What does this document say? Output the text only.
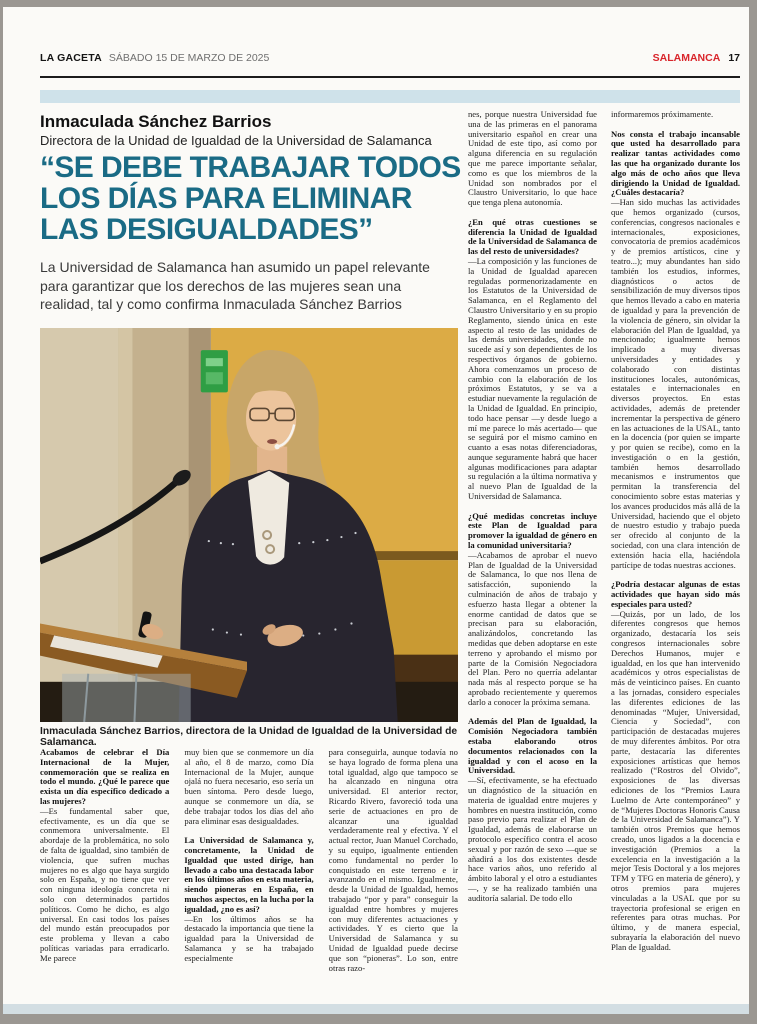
LA GACETA SÁBADO 15 DE MARZO DE 2025	SALAMANCA 17
Inmaculada Sánchez Barrios
Directora de la Unidad de Igualdad de la Universidad de Salamanca
“SE DEBE TRABAJAR TODOS LOS DÍAS PARA ELIMINAR LAS DESIGUALDADES”
La Universidad de Salamanca han asumido un papel relevante para garantizar que los derechos de las mujeres sean una realidad, tal y como confirma Inmaculada Sánchez Barrios
Inmaculada Sánchez Barrios, directora de la Unidad de Igualdad de la Universidad de Salamanca.

Acabamos de celebrar el Día Internacional de la Mujer, conmemoración que se realiza en todo el mundo. ¿Qué le parece que exista un día específico dedicado a las mujeres?

—Es fundamental saber que, efectivamente, es un día que se conmemora universalmente. El abordaje de la problemática, no solo de falta de igualdad, sino también de violencia, que sufren muchas mujeres no es algo que haya surgido solo en España, y no tiene que ver con ninguna ideología concreta ni solo con determinados partidos políticos. Como he dicho, es algo universal. En casi todos los países del mundo están preocupados por este problema y llevan a cabo políticas variadas para erradicarlo. Me parece

muy bien que se conmemore un día al año, el 8 de marzo, como Día Internacional de la Mujer, aunque ojalá no fuera necesario, eso sería un buen síntoma. Pero desde luego, aunque se conmemore un día, se debe trabajar todos los días del año para eliminar esas desigualdades.

La Universidad de Salamanca y, concretamente, la Unidad de Igualdad que usted dirige, han llevado a cabo una destacada labor en los últimos años en esta materia, siendo pioneras en España, en muchos aspectos, en la lucha por la igualdad, ¿no es así?

—En los últimos años se ha destacado la importancia que tiene la igualdad para la Universidad de Salamanca y se ha trabajado especialmente

para conseguirla, aunque todavía no se haya logrado de forma plena una total igualdad, algo que tampoco se ha alcanzado en ninguna otra universidad. El anterior rector, Ricardo Rivero, favoreció toda una serie de actuaciones en pro de alcanzar una igualdad verdaderamente real y efectiva. Y el actual rector, Juan Manuel Corchado, y su equipo, igualmente entienden como fundamental no perder lo conquistado en este terreno e ir avanzando en el mismo. Igualmente, desde la Unidad de Igualdad, hemos trabajado “por y para” conseguir la igualdad entre hombres y mujeres con muy diferentes actuaciones y actividades. Y es cierto que la Universidad de Salamanca y su Unidad de Igualdad puede decirse que son “pioneras”. Lo son, entre otras razo-

nes, porque nuestra Universidad fue una de las primeras en el panorama universitario español en crear una Unidad de este tipo, así como por alguna diferencia en su regulación que me parece importante señalar, como es que los miembros de la Unidad son nombrados por el Claustro Universitario, lo que hace que tenga plena autonomía.

¿En qué otras cuestiones se diferencia la Unidad de Igualdad de la Universidad de Salamanca de las del resto de universidades?

—La composición y las funciones de la Unidad de Igualdad aparecen reguladas pormenorizadamente en los Estatutos de la Universidad de Salamanca, en el Reglamento del Claustro Universitario y en su propio Reglamento, siendo única en este aspecto al resto de las unidades de las demás universidades, donde no sucede así y son dependientes de los respectivos órganos de gobierno. Ahora comenzamos un proceso de cambio con la elaboración de los próximos Estatutos, y se va a estudiar nuevamente la regulación de la Unidad de Igualdad. En principio, todo hace pensar —y desde luego a mí me parece lo más acertado— que se seguirá por el mismo camino en cuanto a esas notas diferenciadoras, aunque seguramente habrá que hacer algunas modificaciones para adaptar su regulación a la última normativa y al nuevo Plan de Igualdad de la Universidad de Salamanca.

¿Qué medidas concretas incluye este Plan de Igualdad para promover la igualdad de género en la comunidad universitaria?

—Acabamos de aprobar el nuevo Plan de Igualdad de la Universidad de Salamanca, lo que nos llena de satisfacción, suponiendo la culminación de años de trabajo y esfuerzo hasta llegar a obtener la enorme cantidad de datos que se precisan para su elaboración, analizándolos, concretando las medidas que deben adoptarse en este terreno y aprobando el mismo por parte de la Comisión Negociadora del Plan. Pero no querría adelantar nada más al respecto porque se ha aprobado recientemente y queremos darlo a conocer la próxima semana.

Además del Plan de Igualdad, la Comisión Negociadora también estaba elaborando otros documentos relacionados con la igualdad y con el acoso en la Universidad.

—Sí, efectivamente, se ha efectuado un diagnóstico de la situación en materia de igualdad entre mujeres y hombres en nuestra institución, como paso previo para realizar el Plan de Igualdad, además de elaborarse un protocolo específico contra el acoso sexual y por razón de sexo —que se añadirá a los dos existentes desde hace varios años, uno referido al ámbito laboral y el otro a estudiantes—, y se ha realizado también una auditoría salarial. De todo ello

informaremos próximamente.

Nos consta el trabajo incansable que usted ha desarrollado para realizar tantas actividades como las que ha organizado durante los algo más de ocho años que lleva dirigiendo la Unidad de Igualdad. ¿Cuáles destacaría?

—Han sido muchas las actividades que hemos organizado (cursos, conferencias, congresos nacionales e internacionales, exposiciones, convocatoria de premios académicos y de premios artísticos, cine y teatro...); muy abundantes han sido también los estudios, informes, diagnósticos o actos de sensibilización de muy diversos tipos que hemos llevado a cabo en materia de igualdad y para la prevención de la violencia de género, sin olvidar la elaboración del Plan de Igualdad, ya mencionado; igualmente hemos implicado a muy diversas universidades y entidades y colaborado con distintas instituciones locales, autonómicas, estatales e internacionales en diversos proyectos. En estas actividades, además de pretender incrementar la perspectiva de género en las actuaciones de la USAL, tanto en la docencia (por quien se imparte y por quien se recibe), como en la investigación o en la gestión, también hemos desarrollado mecanismos e instrumentos que permitan la transferencia del conocimiento sobre estas materias y los avances producidos más allá de la Universidad, haciendo que el objeto de nuestro estudio y trabajo pueda ser ofrecido al conjunto de la sociedad, con una clara intención de extensión hacia ella, haciéndola partícipe de todas nuestras acciones.

¿Podría destacar algunas de estas actividades que hayan sido más especiales para usted?

—Quizás, por un lado, de los diferentes congresos que hemos organizado, destacaría los seis congresos internacionales sobre Derechos Humanos, mujer e igualdad, en los que han intervenido académicos y otros especialistas de más de veinticinco países. En cuanto a las jornadas, considero especiales las diferentes ediciones de las denominadas “Mujer, Universidad, Ciencia y Sociedad”, con participación de destacadas mujeres de muy diferentes ámbitos. Por otra parte, destacaría las diferentes exposiciones artísticas que hemos realizado (“Rostros del Olvido”, exposiciones de las diversas ediciones de los “Premios Laura Luelmo de Arte contemporáneo” y de “Mujeres Doctoras Honoris Causa de la Universidad de Salamanca”). Y también otros Premios que hemos creado, unos ligados a la docencia e investigación (Premios a la excelencia en la investigación a la mejor Tesis Doctoral y a los mejores TFM y TFG en materia de género), y otros premios para mujeres vinculadas a la USAL que por su trayectoria profesional se erigen en referentes para otras muchas. Por último, y de manera especial, subrayaría la elaboración del nuevo Plan de Igualdad.
